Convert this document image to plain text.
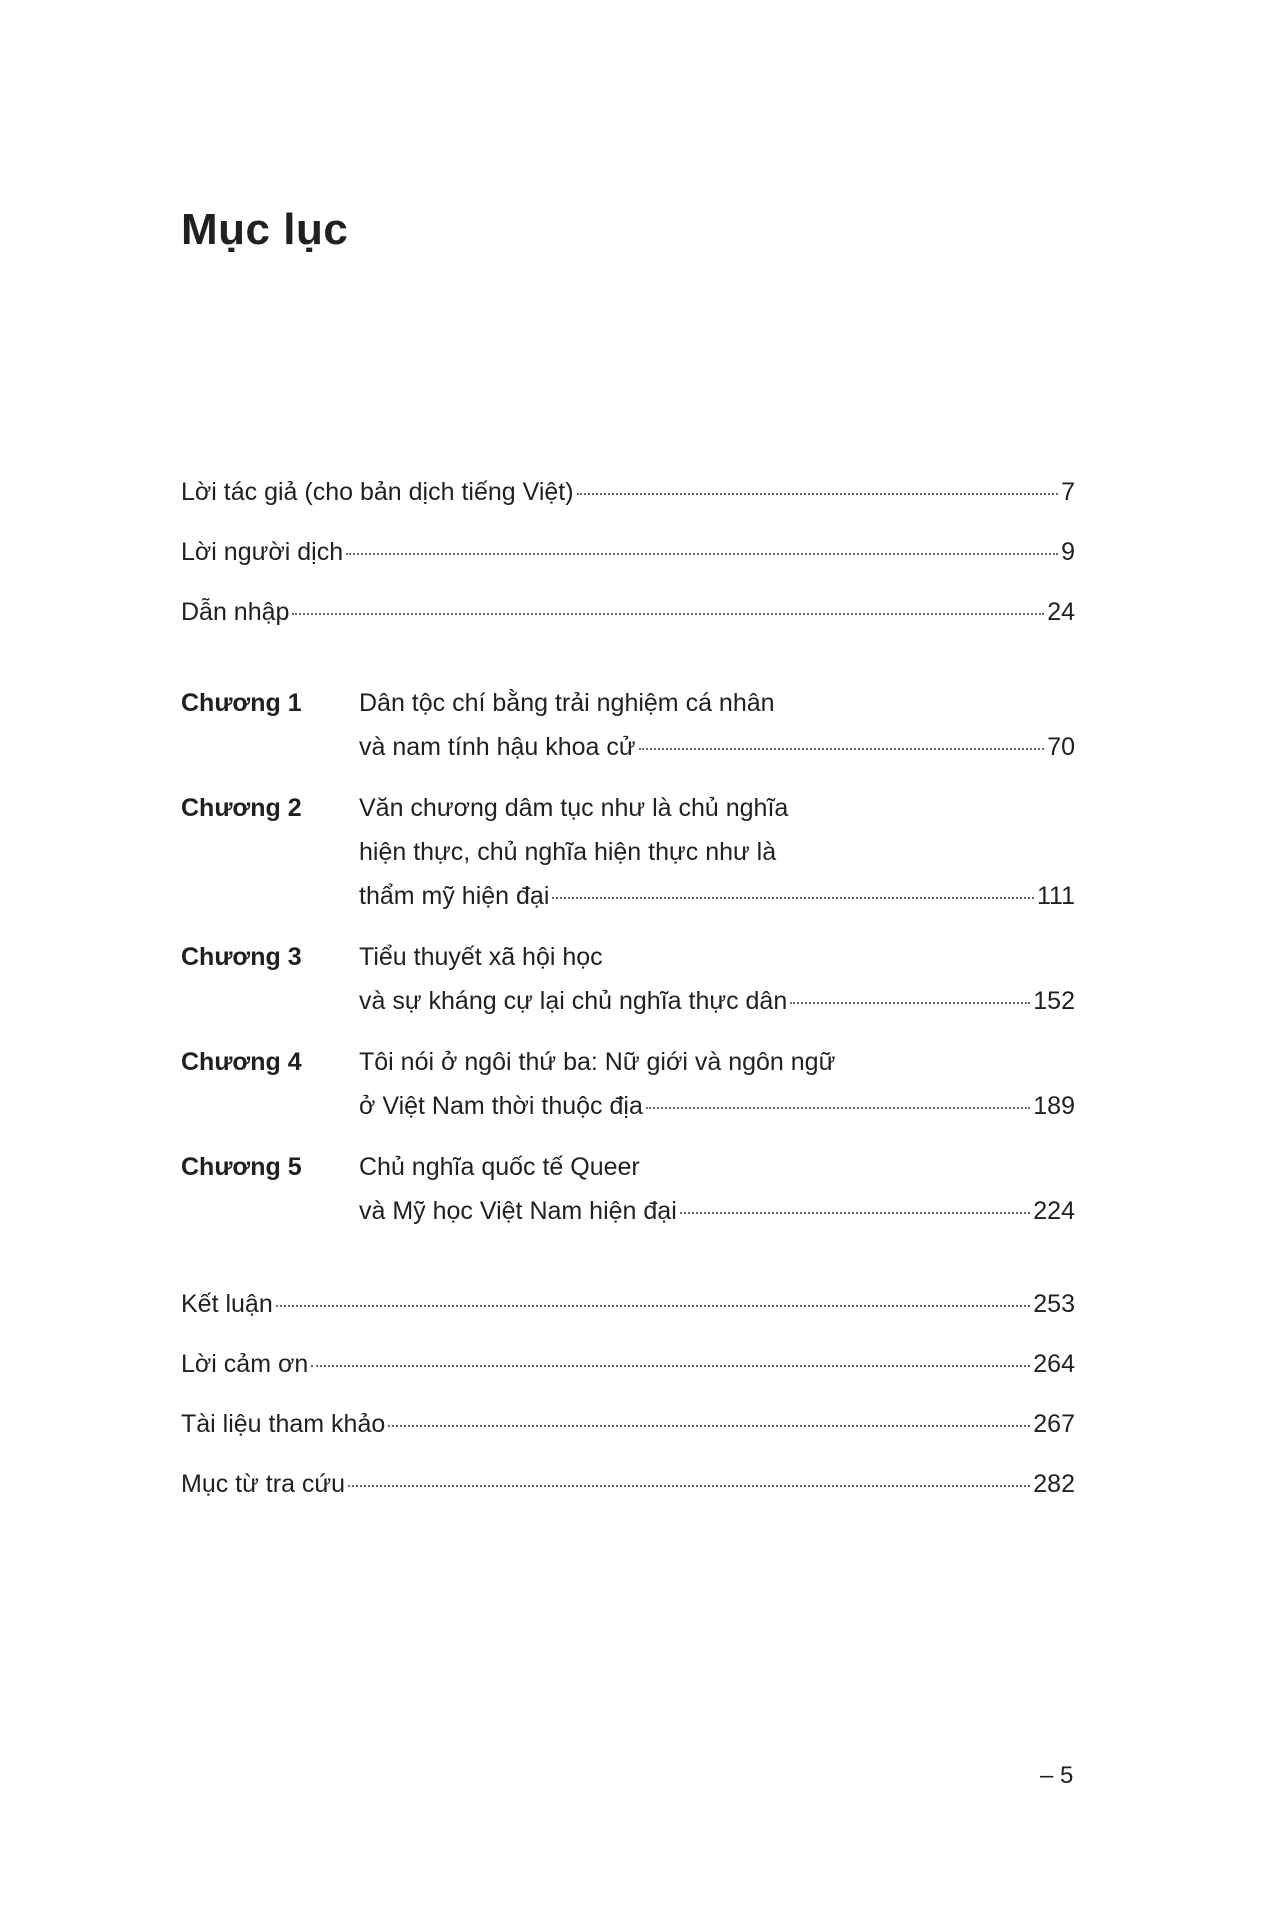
Mục lục
Lời tác giả (cho bản dịch tiếng Việt)	7
Lời người dịch	9
Dẫn nhập	24
Chương 1 Dân tộc chí bằng trải nghiệm cá nhân
và nam tính hậu khoa cử	70
Chương 2 Văn chương dâm tục như là chủ nghĩa
hiện thực, chủ nghĩa hiện thực như là
thẩm mỹ hiện đại	111
Chương 3 Tiểu thuyết xã hội học
và sự kháng cự lại chủ nghĩa thực dân	152
Chương 4 Tôi nói ở ngôi thứ ba: Nữ giới và ngôn ngữ
ở Việt Nam thời thuộc địa	189
Chương 5 Chủ nghĩa quốc tế Queer
và Mỹ học Việt Nam hiện đại	224
Kết luận	253
Lời cảm ơn	264
Tài liệu tham khảo	267
Mục từ tra cứu	282
– 5
